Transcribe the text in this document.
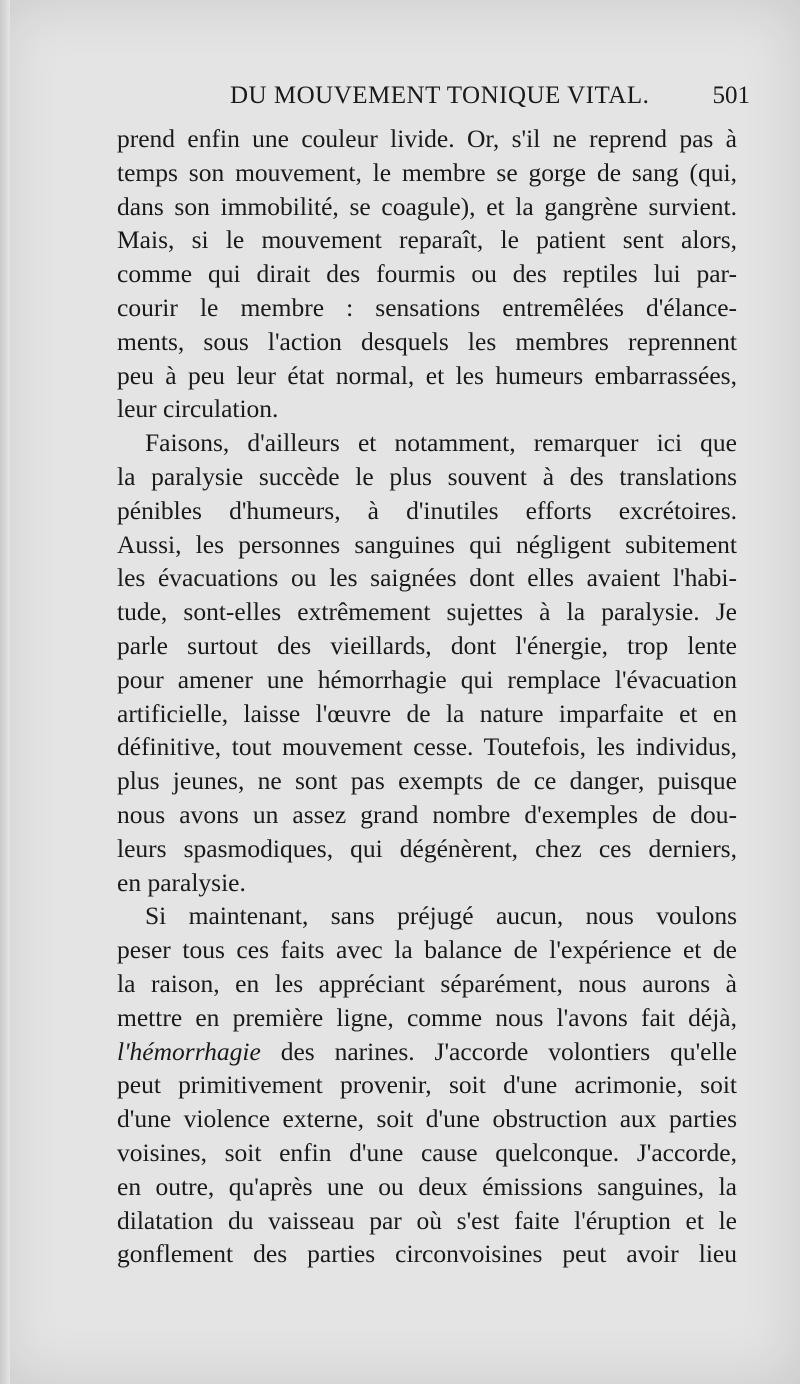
DU MOUVEMENT TONIQUE VITAL.	501
prend enfin une couleur livide. Or, s'il ne reprend pas à
temps son mouvement, le membre se gorge de sang (qui,
dans son immobilité, se coagule), et la gangrène survient.
Mais, si le mouvement reparaît, le patient sent alors,
comme qui dirait des fourmis ou des reptiles lui par-
courir le membre : sensations entremêlées d'élance-
ments, sous l'action desquels les membres reprennent
peu à peu leur état normal, et les humeurs embarrassées,
leur circulation.
Faisons, d'ailleurs et notamment, remarquer ici que
la paralysie succède le plus souvent à des translations
pénibles d'humeurs, à d'inutiles efforts excrétoires.
Aussi, les personnes sanguines qui négligent subitement
les évacuations ou les saignées dont elles avaient l'habi-
tude, sont-elles extrêmement sujettes à la paralysie. Je
parle surtout des vieillards, dont l'énergie, trop lente
pour amener une hémorrhagie qui remplace l'évacuation
artificielle, laisse l'œuvre de la nature imparfaite et en
définitive, tout mouvement cesse. Toutefois, les individus,
plus jeunes, ne sont pas exempts de ce danger, puisque
nous avons un assez grand nombre d'exemples de dou-
leurs spasmodiques, qui dégénèrent, chez ces derniers,
en paralysie.
Si maintenant, sans préjugé aucun, nous voulons
peser tous ces faits avec la balance de l'expérience et de
la raison, en les appréciant séparément, nous aurons à
mettre en première ligne, comme nous l'avons fait déjà,
l'hémorrhagie des narines. J'accorde volontiers qu'elle
peut primitivement provenir, soit d'une acrimonie, soit
d'une violence externe, soit d'une obstruction aux parties
voisines, soit enfin d'une cause quelconque. J'accorde,
en outre, qu'après une ou deux émissions sanguines, la
dilatation du vaisseau par où s'est faite l'éruption et le
gonflement des parties circonvoisines peut avoir lieu
